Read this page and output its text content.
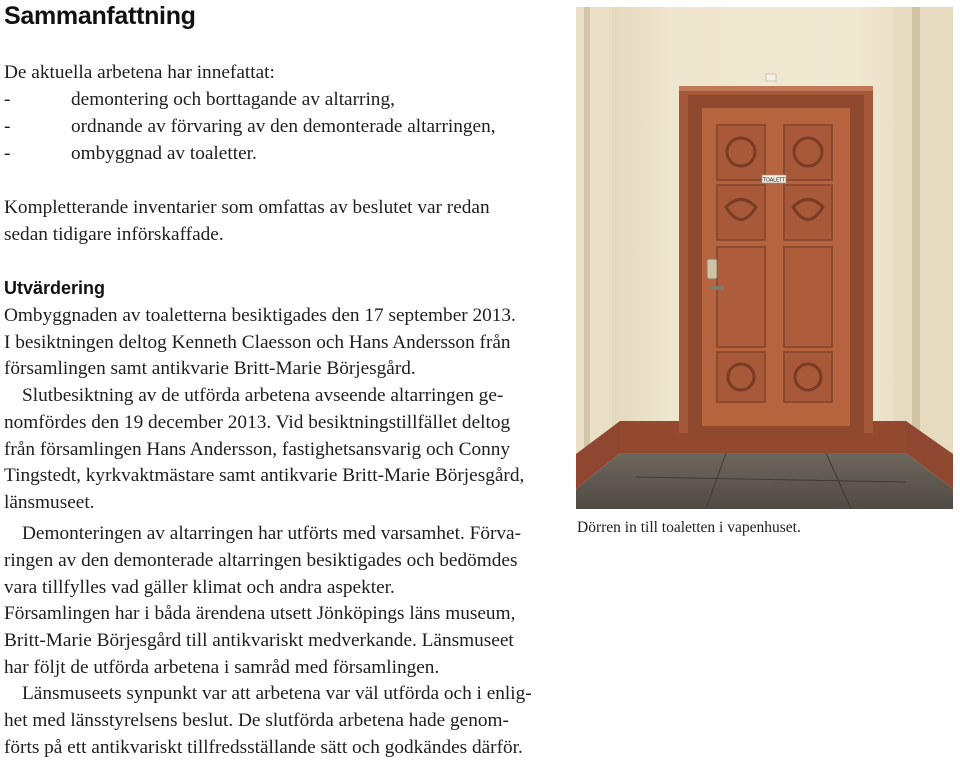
Sammanfattning
De aktuella arbetena har innefattat:
-	demontering och borttagande av altarring,
-	ordnande av förvaring av den demonterade altarringen,
-	ombyggnad av toaletter.
Kompletterande inventarier som omfattas av beslutet var redan
sedan tidigare införskaffade.
Utvärdering
Ombyggnaden av toaletterna besiktigades den 17 september 2013.
I besiktningen deltog Kenneth Claesson och Hans Andersson från
församlingen samt antikvarie Britt-Marie Börjesgård.
Slutbesiktning av de utförda arbetena avseende altarringen ge-
nomfördes den 19 december 2013. Vid besiktningstillfället deltog
från församlingen Hans Andersson, fastighetsansvarig och Conny
Tingstedt, kyrkvaktmästare samt antikvarie Britt-Marie Börjesgård,
länsmuseet.
Demonteringen av altarringen har utförts med varsamhet. Förva-
ringen av den demonterade altarringen besiktigades och bedömdes
vara tillfylles vad gäller klimat och andra aspekter.
Församlingen har i båda ärendena utsett Jönköpings läns museum,
Britt-Marie Börjesgård till antikvariskt medverkande. Länsmuseet
har följt de utförda arbetena i samråd med församlingen.
Länsmuseets synpunkt var att arbetena var väl utförda och i enlig-
het med länsstyrelsens beslut. De slutförda arbetena hade genom-
förts på ett antikvariskt tillfredsställande sätt och godkändes därför.
TOALETT
Dörren in till toaletten i vapenhuset.
